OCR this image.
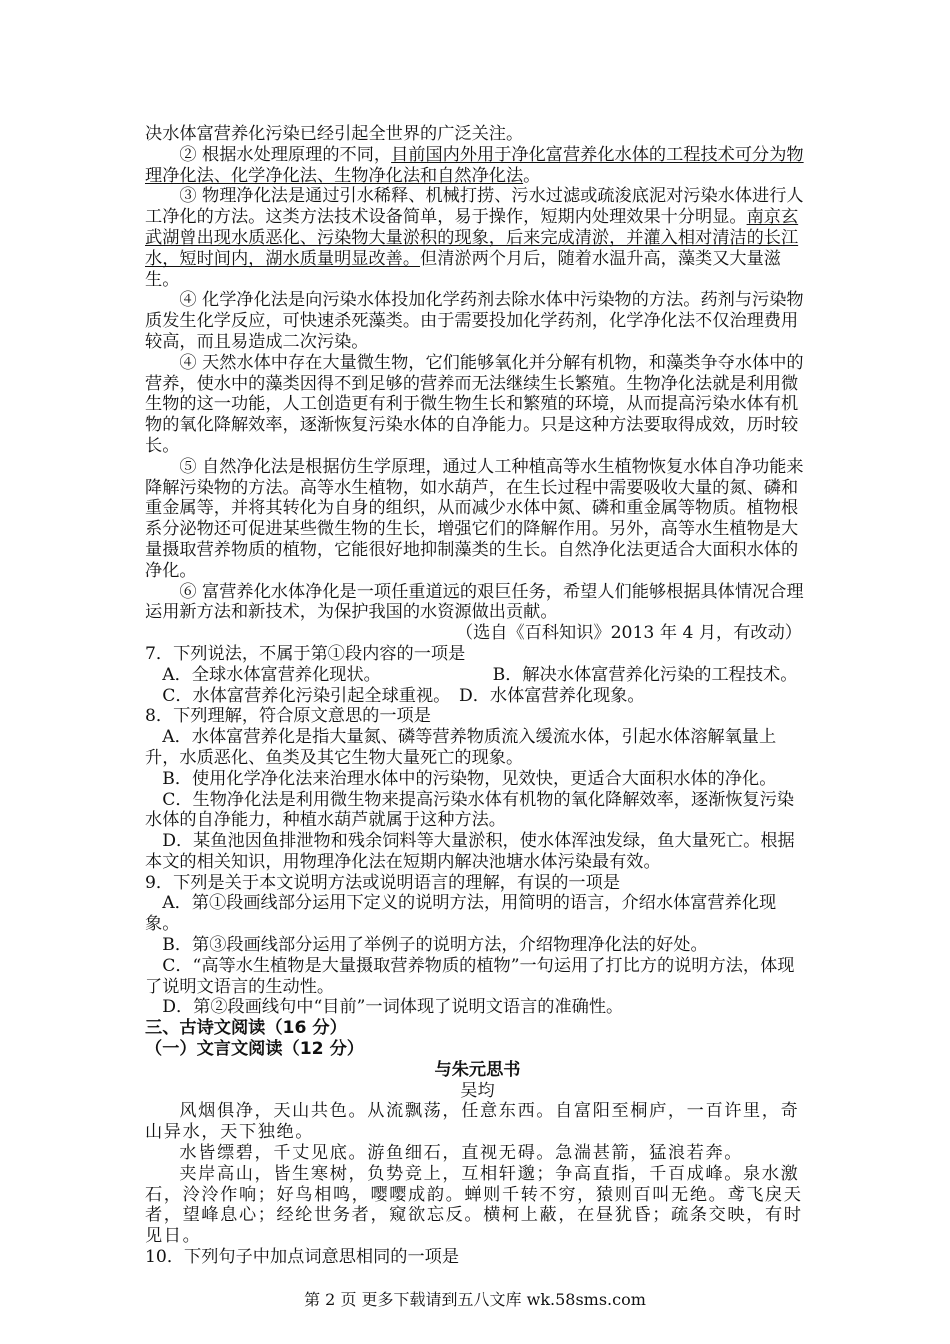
决水体富营养化污染已经引起全世界的广泛关注。

② 根据水处理原理的不同，目前国内外用于净化富营养化水体的工程技术可分为物理净化法、化学净化法、生物净化法和自然净化法。

③ 物理净化法是通过引水稀释、机械打捞、污水过滤或疏浚底泥对污染水体进行人工净化的方法。这类方法技术设备简单，易于操作，短期内处理效果十分明显。南京玄武湖曾出现水质恶化、污染物大量淤积的现象，后来完成清淤，并灌入相对清洁的长江水，短时间内，湖水质量明显改善。但清淤两个月后，随着水温升高，藻类又大量滋生。

④ 化学净化法是向污染水体投加化学药剂去除水体中污染物的方法。药剂与污染物质发生化学反应，可快速杀死藻类。由于需要投加化学药剂，化学净化法不仅治理费用较高，而且易造成二次污染。

④ 天然水体中存在大量微生物，它们能够氧化并分解有机物，和藻类争夺水体中的营养，使水中的藻类因得不到足够的营养而无法继续生长繁殖。生物净化法就是利用微生物的这一功能，人工创造更有利于微生物生长和繁殖的环境，从而提高污染水体有机物的氧化降解效率，逐渐恢复污染水体的自净能力。只是这种方法要取得成效，历时较长。

⑤ 自然净化法是根据仿生学原理，通过人工种植高等水生植物恢复水体自净功能来降解污染物的方法。高等水生植物，如水葫芦，在生长过程中需要吸收大量的氮、磷和重金属等，并将其转化为自身的组织，从而减少水体中氮、磷和重金属等物质。植物根系分泌物还可促进某些微生物的生长，增强它们的降解作用。另外，高等水生植物是大量摄取营养物质的植物，它能很好地抑制藻类的生长。自然净化法更适合大面积水体的净化。

⑥ 富营养化水体净化是一项任重道远的艰巨任务，希望人们能够根据具体情况合理运用新方法和新技术，为保护我国的水资源做出贡献。

（选自《百科知识》2013 年 4 月，有改动）

7．下列说法，不属于第①段内容的一项是

A．全球水体富营养化现状。　　　　　　　	B．解决水体富营养化污染的工程技术。

C．水体富营养化污染引起全球重视。  D．水体富营养化现象。

8．下列理解，符合原文意思的一项是

A．水体富营养化是指大量氮、磷等营养物质流入缓流水体，引起水体溶解氧量上升，水质恶化、鱼类及其它生物大量死亡的现象。

B．使用化学净化法来治理水体中的污染物，见效快，更适合大面积水体的净化。

C．生物净化法是利用微生物来提高污染水体有机物的氧化降解效率，逐渐恢复污染水体的自净能力，种植水葫芦就属于这种方法。

D．某鱼池因鱼排泄物和残余饲料等大量淤积，使水体浑浊发绿，鱼大量死亡。根据本文的相关知识，用物理净化法在短期内解决池塘水体污染最有效。

9．下列是关于本文说明方法或说明语言的理解，有误的一项是

A．第①段画线部分运用下定义的说明方法，用简明的语言，介绍水体富营养化现象。

B．第③段画线部分运用了举例子的说明方法，介绍物理净化法的好处。

C．“高等水生植物是大量摄取营养物质的植物”一句运用了打比方的说明方法，体现了说明文语言的生动性。

D．第②段画线句中“目前”一词体现了说明文语言的准确性。

三、古诗文阅读（16 分）

（一）文言文阅读（12 分）

与朱元思书

吴均

风烟俱净，天山共色。从流飘荡，任意东西。自富阳至桐庐，一百许里，奇山异水，天下独绝。

水皆缥碧，千丈见底。游鱼细石，直视无碍。急湍甚箭，猛浪若奔。

夹岸高山，皆生寒树，负势竞上，互相轩邈；争高直指，千百成峰。泉水激石，泠泠作响；好鸟相鸣，嘤嘤成韵。蝉则千转不穷，猿则百叫无绝。鸢飞戾天者，望峰息心；经纶世务者，窥欲忘反。横柯上蔽，在昼犹昏；疏条交映，有时见日。

10．下列句子中加点词意思相同的一项是

第 2 页 更多下载请到五八文库 wk.58sms.com
